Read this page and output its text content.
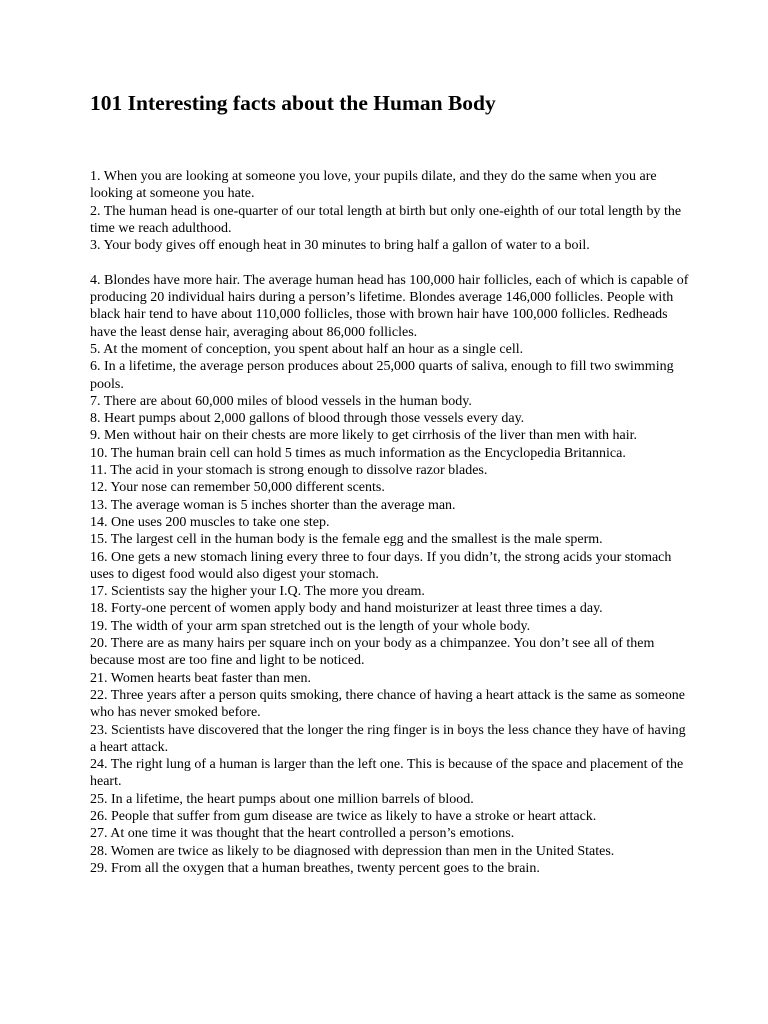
101 Interesting facts about the Human Body

1. When you are looking at someone you love, your pupils dilate, and they do the same when you are looking at someone you hate.

2. The human head is one-quarter of our total length at birth but only one-eighth of our total length by the time we reach adulthood.

3. Your body gives off enough heat in 30 minutes to bring half a gallon of water to a boil.

4. Blondes have more hair. The average human head has 100,000 hair follicles, each of which is capable of producing 20 individual hairs during a person’s lifetime. Blondes average 146,000 follicles. People with black hair tend to have about 110,000 follicles, those with brown hair have 100,000 follicles. Redheads have the least dense hair, averaging about 86,000 follicles.

5. At the moment of conception, you spent about half an hour as a single cell.

6. In a lifetime, the average person produces about 25,000 quarts of saliva, enough to fill two swimming pools.

7. There are about 60,000 miles of blood vessels in the human body.

8. Heart pumps about 2,000 gallons of blood through those vessels every day.

9. Men without hair on their chests are more likely to get cirrhosis of the liver than men with hair.

10. The human brain cell can hold 5 times as much information as the Encyclopedia Britannica.

11. The acid in your stomach is strong enough to dissolve razor blades.

12. Your nose can remember 50,000 different scents.

13. The average woman is 5 inches shorter than the average man.

14. One uses 200 muscles to take one step.

15. The largest cell in the human body is the female egg and the smallest is the male sperm.

16. One gets a new stomach lining every three to four days. If you didn’t, the strong acids your stomach uses to digest food would also digest your stomach.

17. Scientists say the higher your I.Q. The more you dream.

18. Forty-one percent of women apply body and hand moisturizer at least three times a day.

19. The width of your arm span stretched out is the length of your whole body.

20. There are as many hairs per square inch on your body as a chimpanzee. You don’t see all of them because most are too fine and light to be noticed.

21. Women hearts beat faster than men.

22. Three years after a person quits smoking, there chance of having a heart attack is the same as someone who has never smoked before.

23. Scientists have discovered that the longer the ring finger is in boys the less chance they have of having a heart attack.

24. The right lung of a human is larger than the left one. This is because of the space and placement of the heart.

25. In a lifetime, the heart pumps about one million barrels of blood.

26. People that suffer from gum disease are twice as likely to have a stroke or heart attack.

27. At one time it was thought that the heart controlled a person’s emotions.

28. Women are twice as likely to be diagnosed with depression than men in the United States.

29. From all the oxygen that a human breathes, twenty percent goes to the brain.
